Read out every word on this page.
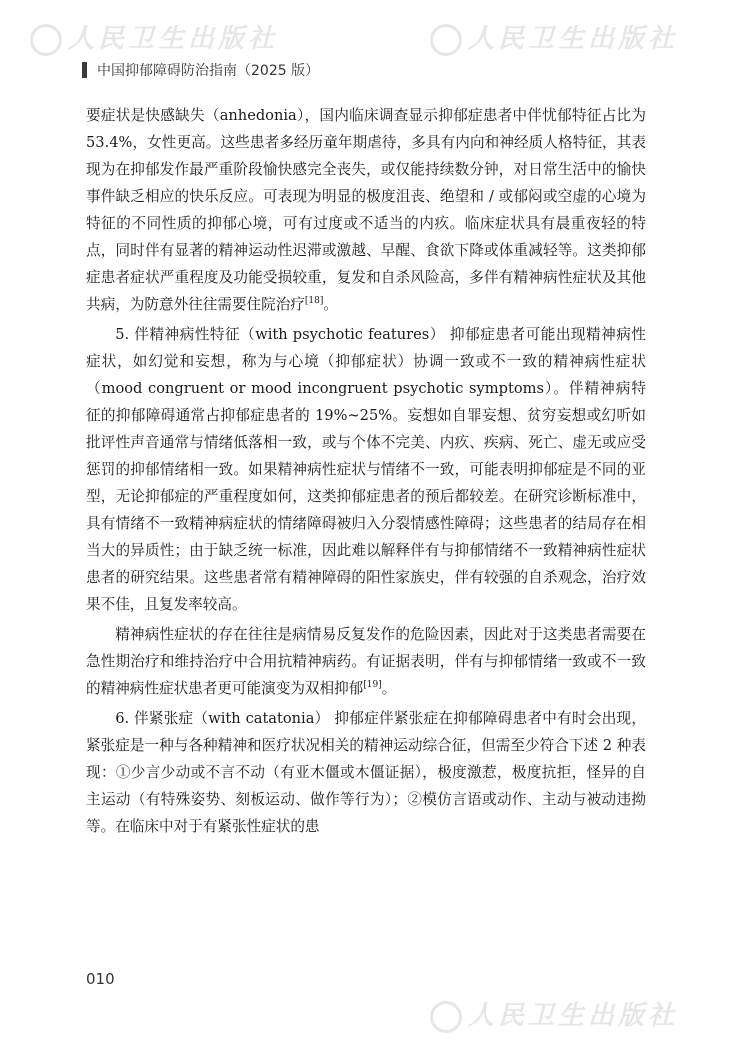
人民卫生出版社	人民卫生出版社
人民卫生出版社
中国抑郁障碍防治指南（2025 版）

要症状是快感缺失（anhedonia），国内临床调查显示抑郁症患者中伴忧郁特征占比为 53.4%，女性更高。这些患者多经历童年期虐待，多具有内向和神经质人格特征，其表现为在抑郁发作最严重阶段愉快感完全丧失，或仅能持续数分钟，对日常生活中的愉快事件缺乏相应的快乐反应。可表现为明显的极度沮丧、绝望和 / 或郁闷或空虚的心境为特征的不同性质的抑郁心境，可有过度或不适当的内疚。临床症状具有晨重夜轻的特点，同时伴有显著的精神运动性迟滞或激越、早醒、食欲下降或体重减轻等。这类抑郁症患者症状严重程度及功能受损较重，复发和自杀风险高，多伴有精神病性症状及其他共病，为防意外往往需要住院治疗[18]。

5. 伴精神病性特征（with psychotic features） 抑郁症患者可能出现精神病性症状，如幻觉和妄想，称为与心境（抑郁症状）协调一致或不一致的精神病性症状（mood congruent or mood incongruent psychotic symptoms）。伴精神病特征的抑郁障碍通常占抑郁症患者的 19%~25%。妄想如自罪妄想、贫穷妄想或幻听如批评性声音通常与情绪低落相一致，或与个体不完美、内疚、疾病、死亡、虚无或应受惩罚的抑郁情绪相一致。如果精神病性症状与情绪不一致，可能表明抑郁症是不同的亚型，无论抑郁症的严重程度如何，这类抑郁症患者的预后都较差。在研究诊断标准中，具有情绪不一致精神病症状的情绪障碍被归入分裂情感性障碍；这些患者的结局存在相当大的异质性；由于缺乏统一标准，因此难以解释伴有与抑郁情绪不一致精神病性症状患者的研究结果。这些患者常有精神障碍的阳性家族史，伴有较强的自杀观念，治疗效果不佳，且复发率较高。

精神病性症状的存在往往是病情易反复发作的危险因素，因此对于这类患者需要在急性期治疗和维持治疗中合用抗精神病药。有证据表明，伴有与抑郁情绪一致或不一致的精神病性症状患者更可能演变为双相抑郁[19]。

6. 伴紧张症（with catatonia） 抑郁症伴紧张症在抑郁障碍患者中有时会出现，紧张症是一种与各种精神和医疗状况相关的精神运动综合征，但需至少符合下述 2 种表现：①少言少动或不言不动（有亚木僵或木僵证据），极度激惹，极度抗拒，怪异的自主运动（有特殊姿势、刻板运动、做作等行为）；②模仿言语或动作、主动与被动违拗等。在临床中对于有紧张性症状的患

010
